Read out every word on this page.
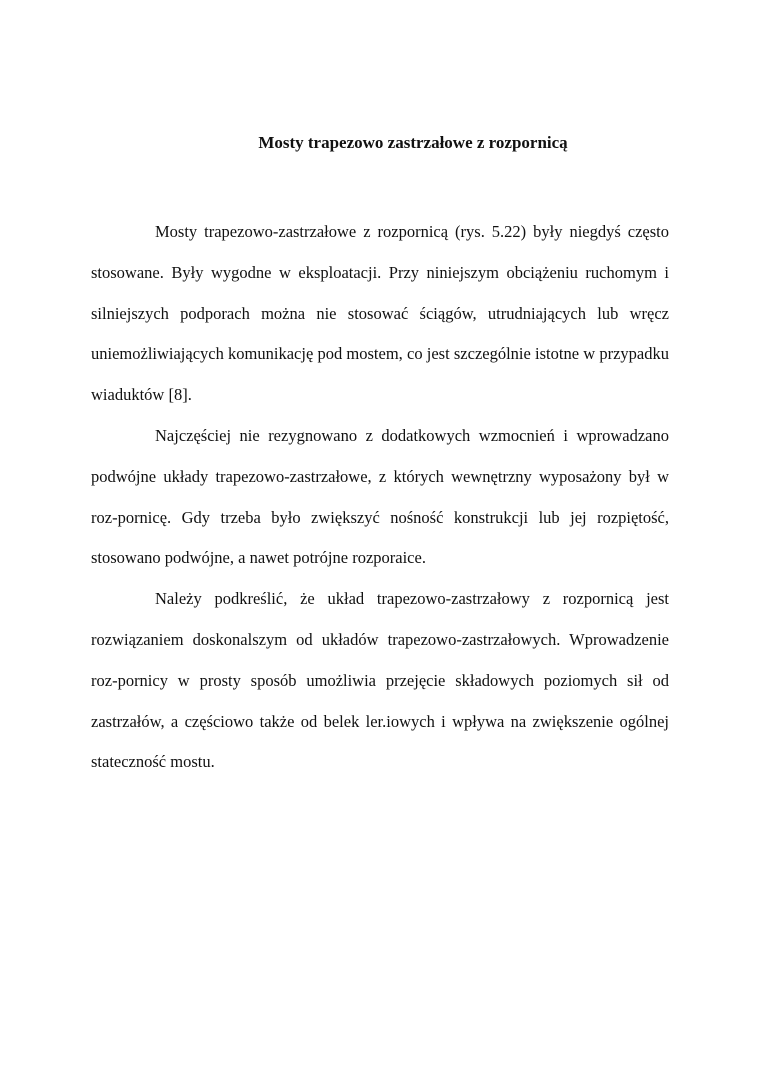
Mosty trapezowo zastrzałowe z rozpornicą

Mosty trapezowo-zastrzałowe z rozpornicą (rys. 5.22) były niegdyś często stosowane. Były wygodne w eksploatacji. Przy niniejszym obciążeniu ruchomym i silniejszych podporach można nie stosować ściągów, utrudniających lub wręcz uniemożliwiających komunikację pod mostem, co jest szczególnie istotne w przypadku wiaduktów [8].

Najczęściej nie rezygnowano z dodatkowych wzmocnień i wprowadzano podwójne układy trapezowo-zastrzałowe, z których wewnętrzny wyposażony był w roz-pornicę. Gdy trzeba było zwiększyć nośność konstrukcji lub jej rozpiętość, stosowano podwójne, a nawet potrójne rozporaice.

Należy podkreślić, że układ trapezowo-zastrzałowy z rozpornicą jest rozwiązaniem doskonalszym od układów trapezowo-zastrzałowych. Wprowadzenie roz-pornicy w prosty sposób umożliwia przejęcie składowych poziomych sił od zastrzałów, a częściowo także od belek ler.iowych i wpływa na zwiększenie ogólnej stateczność mostu.
